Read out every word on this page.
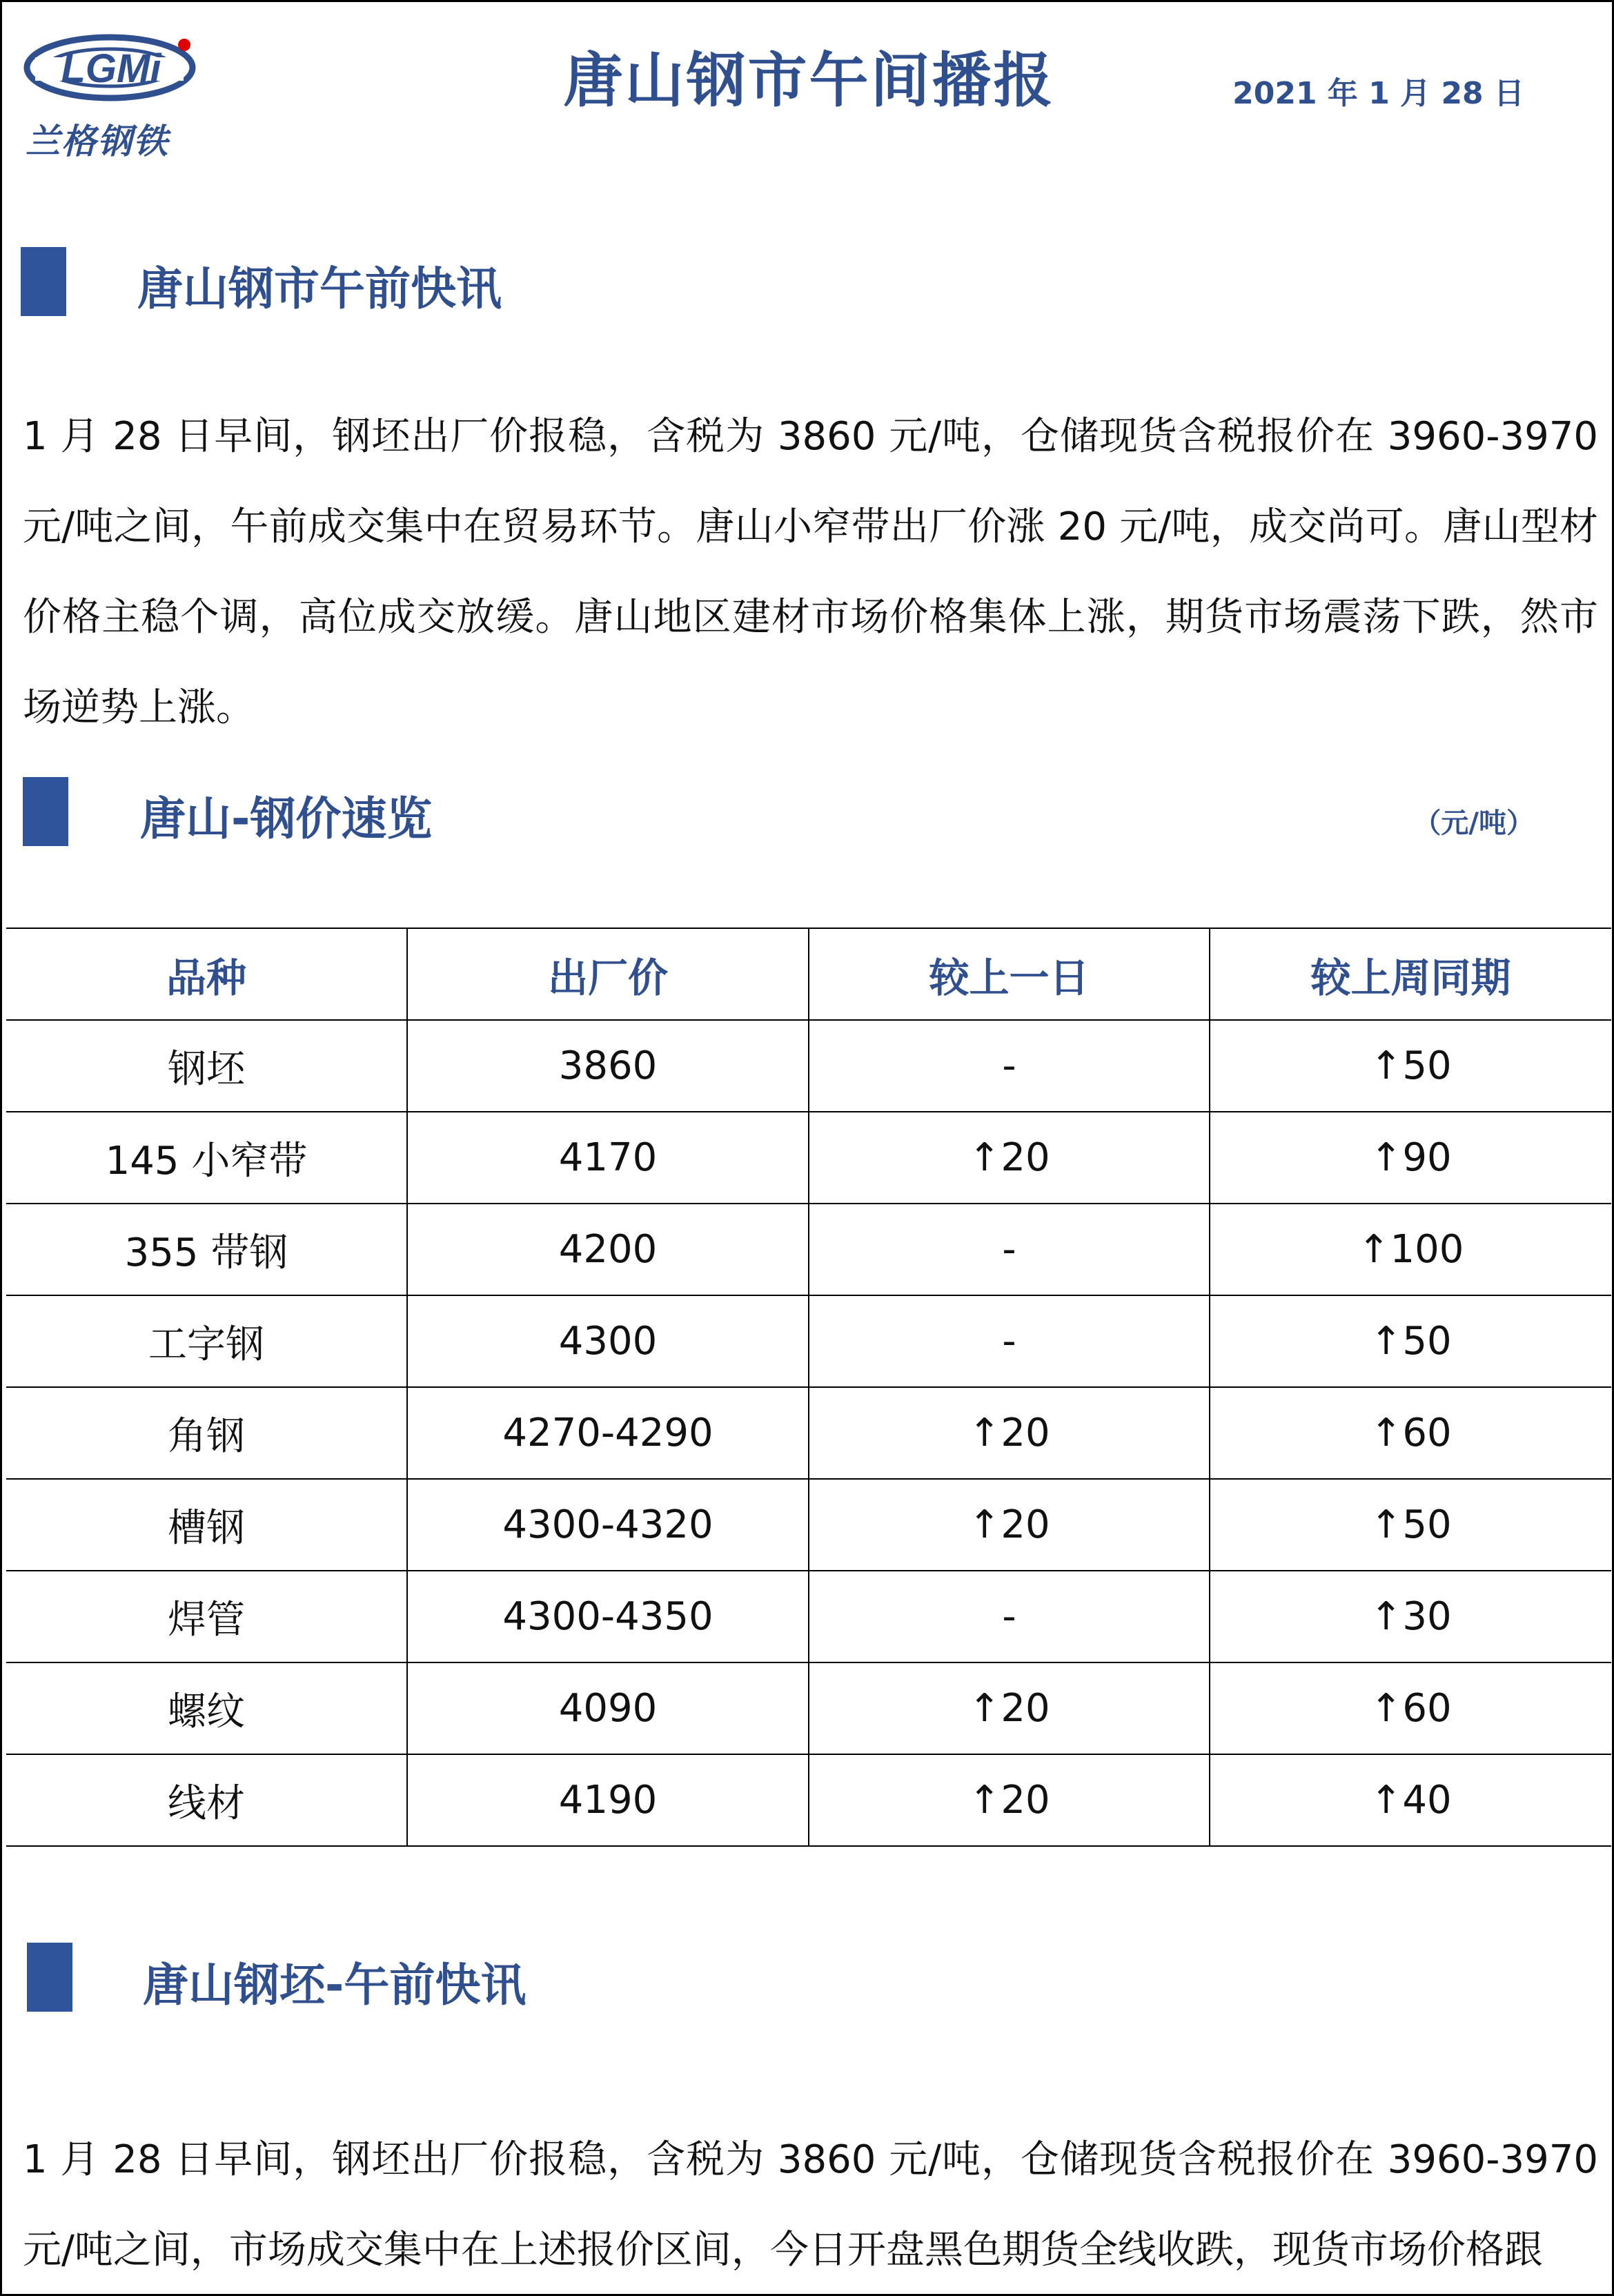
LGMi
兰格钢铁
唐山钢市午间播报	2021 年 1 月 28 日
唐山钢市午前快讯
1 月 28 日早间，钢坯出厂价报稳，含税为 3860 元/吨，仓储现货含税报价在 3960-3970 元/吨之间，午前成交集中在贸易环节。唐山小窄带出厂价涨 20 元/吨，成交尚可。唐山型材价格主稳个调，高位成交放缓。唐山地区建材市场价格集体上涨，期货市场震荡下跌，然市场逆势上涨。
唐山-钢价速览	（元/吨）
品种	出厂价	较上一日	较上周同期
钢坯	3860	-	↑50
145 小窄带	4170	↑20	↑90
355 带钢	4200	-	↑100
工字钢	4300	-	↑50
角钢	4270-4290	↑20	↑60
槽钢	4300-4320	↑20	↑50
焊管	4300-4350	-	↑30
螺纹	4090	↑20	↑60
线材	4190	↑20	↑40
唐山钢坯-午前快讯
1 月 28 日早间，钢坯出厂价报稳，含税为 3860 元/吨，仓储现货含税报价在 3960-3970 元/吨之间，市场成交集中在上述报价区间，今日开盘黑色期货全线收跌，现货市场价格跟
